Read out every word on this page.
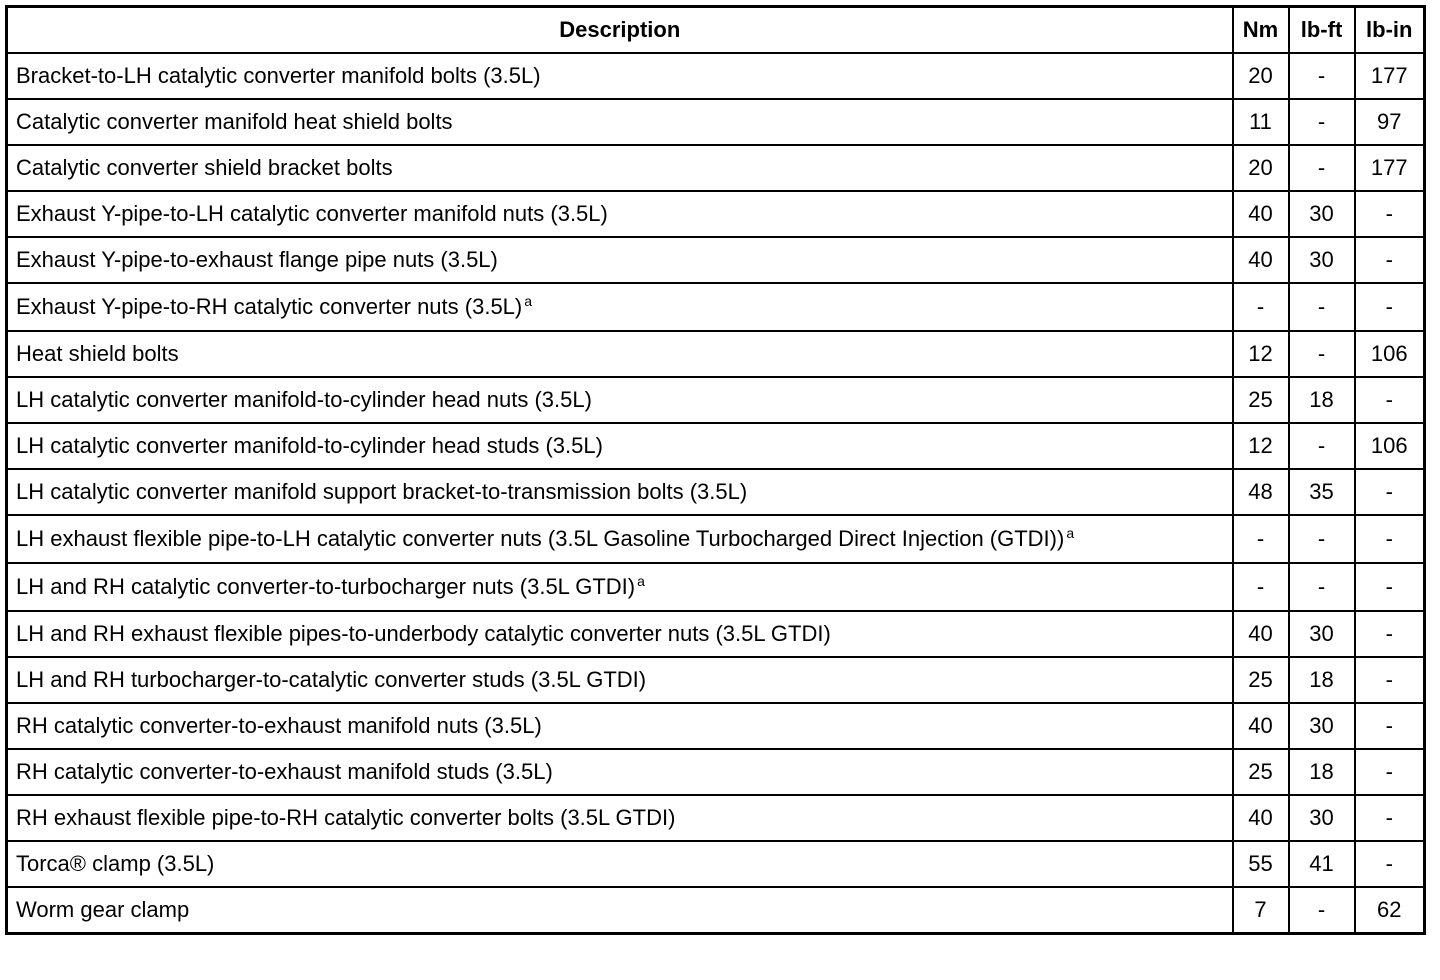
Description	Nm	lb-ft	lb-in
Bracket-to-LH catalytic converter manifold bolts (3.5L)	20	-	177
Catalytic converter manifold heat shield bolts	11	-	97
Catalytic converter shield bracket bolts	20	-	177
Exhaust Y-pipe-to-LH catalytic converter manifold nuts (3.5L)	40	30	-
Exhaust Y-pipe-to-exhaust flange pipe nuts (3.5L)	40	30	-
Exhaust Y-pipe-to-RH catalytic converter nuts (3.5L) $^a$	-	-	-
Heat shield bolts	12	-	106
LH catalytic converter manifold-to-cylinder head nuts (3.5L)	25	18	-
LH catalytic converter manifold-to-cylinder head studs (3.5L)	12	-	106
LH catalytic converter manifold support bracket-to-transmission bolts (3.5L)	48	35	-
LH exhaust flexible pipe-to-LH catalytic converter nuts (3.5L Gasoline Turbocharged Direct Injection (GTDI)) $^a$	-	-	-
LH and RH catalytic converter-to-turbocharger nuts (3.5L GTDI) $^a$	-	-	-
LH and RH exhaust flexible pipes-to-underbody catalytic converter nuts (3.5L GTDI)	40	30	-
LH and RH turbocharger-to-catalytic converter studs (3.5L GTDI)	25	18	-
RH catalytic converter-to-exhaust manifold nuts (3.5L)	40	30	-
RH catalytic converter-to-exhaust manifold studs (3.5L)	25	18	-
RH exhaust flexible pipe-to-RH catalytic converter bolts (3.5L GTDI)	40	30	-
Torca® clamp (3.5L)	55	41	-
Worm gear clamp	7	-	62
